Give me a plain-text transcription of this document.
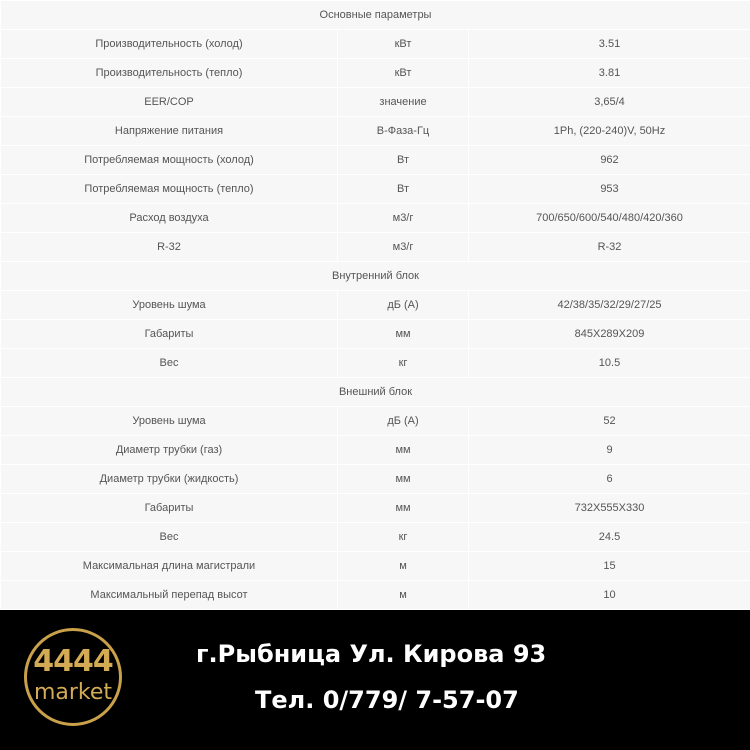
Основные параметры		
Производительность (холод)	кВт	3.51
Производительность (тепло)	кВт	3.81
EER/COP	значение	3,65/4
Напряжение питания	В-Фаза-Гц	1Ph, (220-240)V, 50Hz
Потребляемая мощность (холод)	Вт	962
Потребляемая мощность (тепло)	Вт	953
Расход воздуха	м3/г	700/650/600/540/480/420/360
R-32	м3/г	R-32
Внутренний блок		
Уровень шума	дБ (А)	42/38/35/32/29/27/25
Габариты	мм	845Х289Х209
Вес	кг	10.5
Внешний блок		
Уровень шума	дБ (А)	52
Диаметр трубки (газ)	мм	9
Диаметр трубки (жидкость)	мм	6
Габариты	мм	732Х555Х330
Вес	кг	24.5
Максимальная длина магистрали	м	15
Максимальный перепад высот	м	10
4444
market
г.Рыбница Ул. Кирова 93
Тел. 0/779/ 7-57-07
